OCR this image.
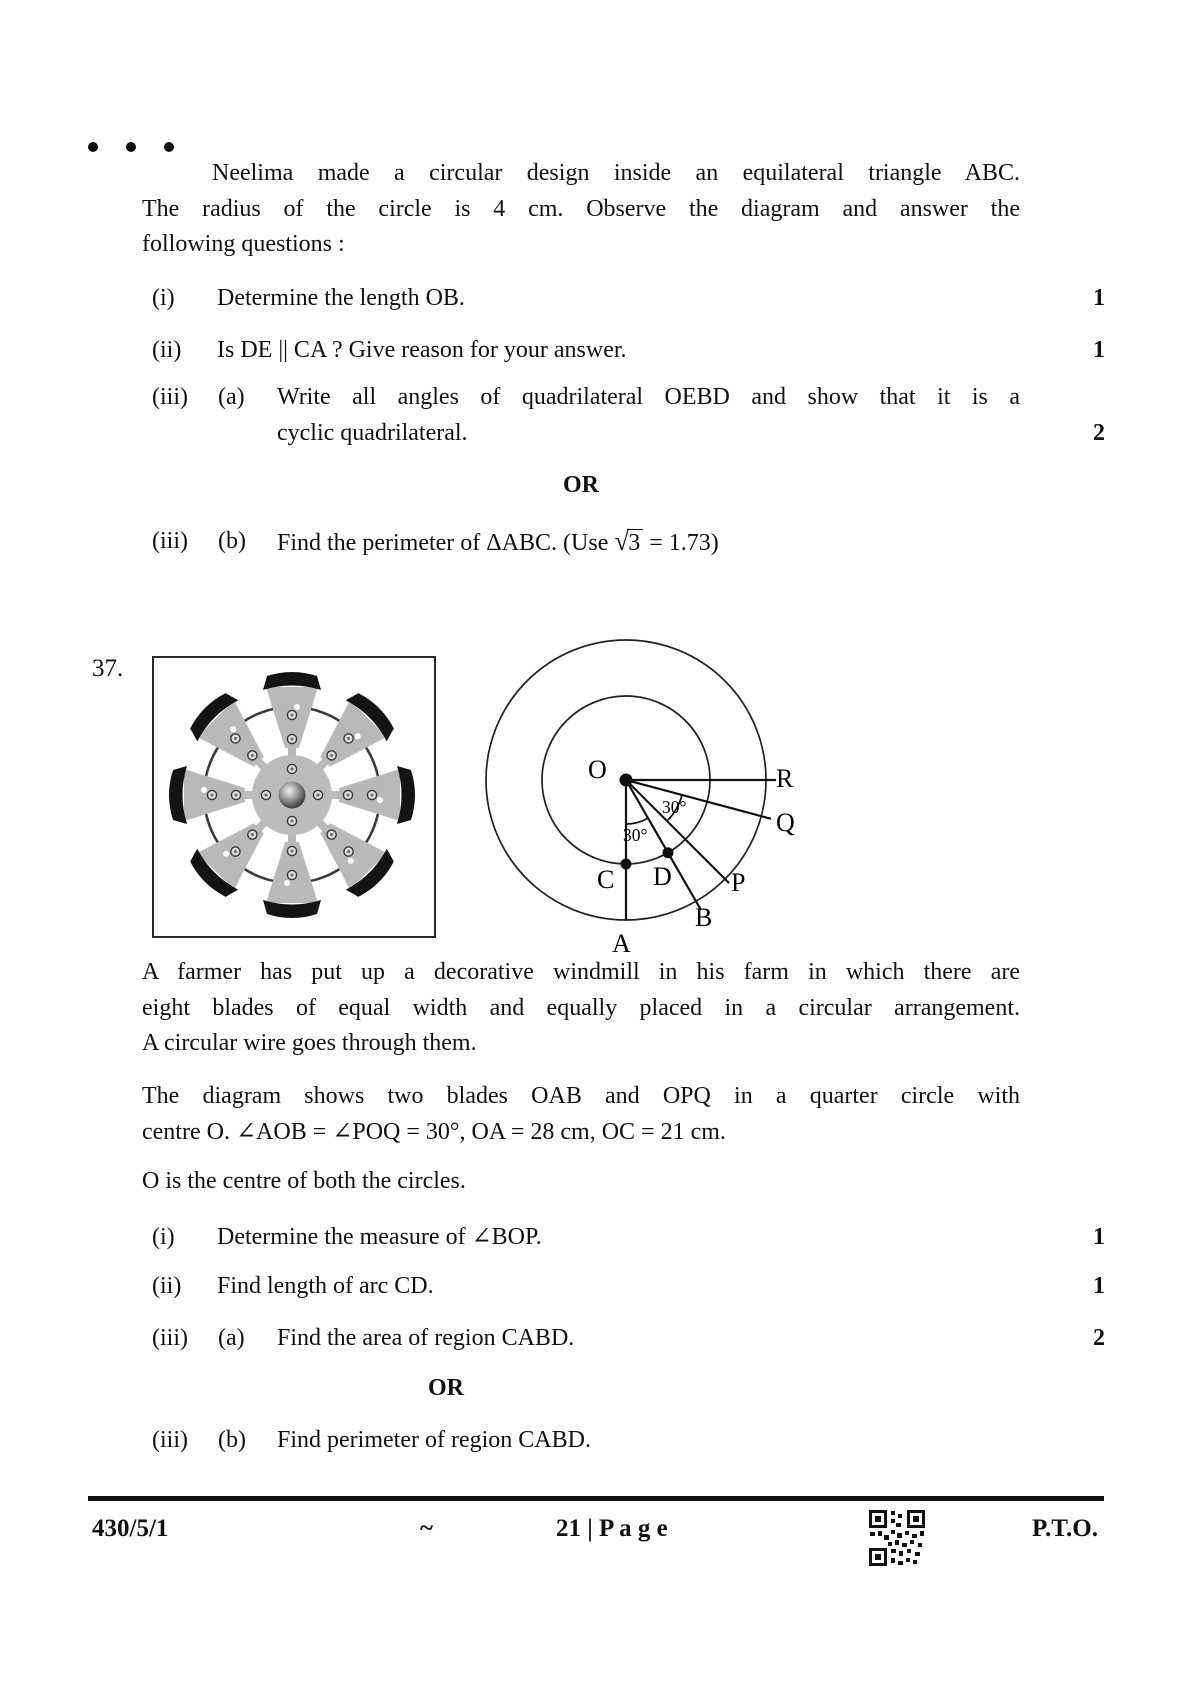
Neelima made a circular design inside an equilateral triangle ABC.
The radius of the circle is 4 cm. Observe the diagram and answer the
following questions :
(i)	Determine the length OB.	1
(ii)	Is DE || CA ? Give reason for your answer.	1
(iii)	(a)	Write all angles of quadrilateral OEBD and show that it is a
cyclic quadrilateral.	2
OR
(iii)	(b)	Find the perimeter of ΔABC. (Use √3 = 1.73)
37.
O	R
Q
P
B
A
C D
30°
30°
A farmer has put up a decorative windmill in his farm in which there are
eight blades of equal width and equally placed in a circular arrangement.
A circular wire goes through them.
The diagram shows two blades OAB and OPQ in a quarter circle with
centre O. ∠AOB = ∠POQ = 30°, OA = 28 cm, OC = 21 cm.
O is the centre of both the circles.
(i)	Determine the measure of ∠BOP.	1
(ii)	Find length of arc CD.	1
(iii)	(a)	Find the area of region CABD.	2
OR
(iii)	(b)	Find perimeter of region CABD.
430/5/1	~	21 | P a g e	P.T.O.
